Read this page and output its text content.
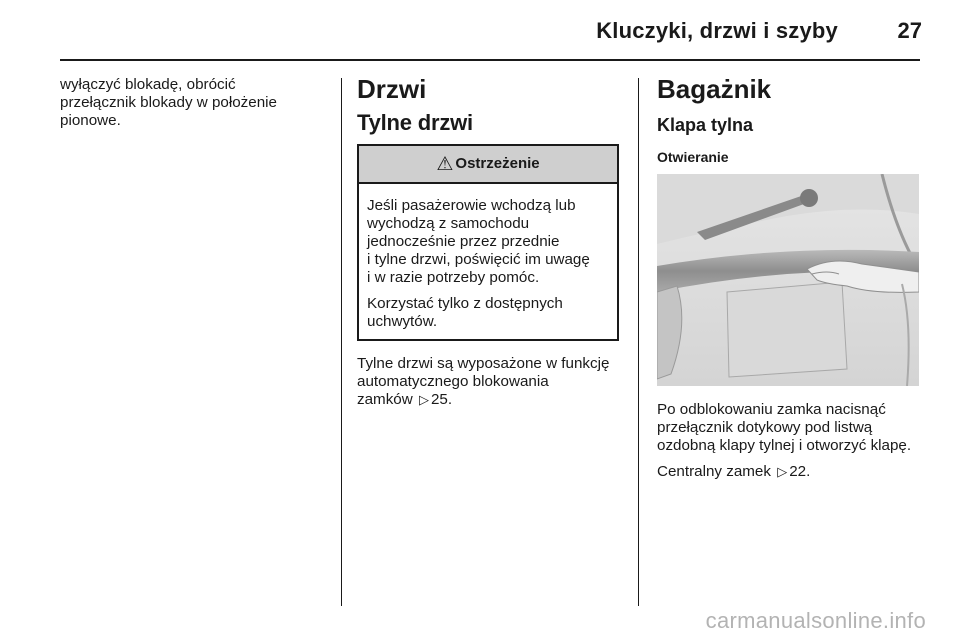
Kluczyki, drzwi i szyby	27

wyłączyć blokadę, obrócić
przełącznik blokady w położenie
pionowe.

Drzwi
Tylne drzwi
⚠ Ostrzeżenie

Jeśli pasażerowie wchodzą lub
wychodzą z samochodu
jednocześnie przez przednie
i tylne drzwi, poświęcić im uwagę
i w razie potrzeby pomóc.

Korzystać tylko z dostępnych
uchwytów.

Tylne drzwi są wyposażone w funkcję
automatycznego blokowania
zamków ▷ 25.

Bagażnik
Klapa tylna
Otwieranie

Po odblokowaniu zamka nacisnąć
przełącznik dotykowy pod listwą
ozdobną klapy tylnej i otworzyć klapę.

Centralny zamek ▷ 22.

carmanualsonline.info
